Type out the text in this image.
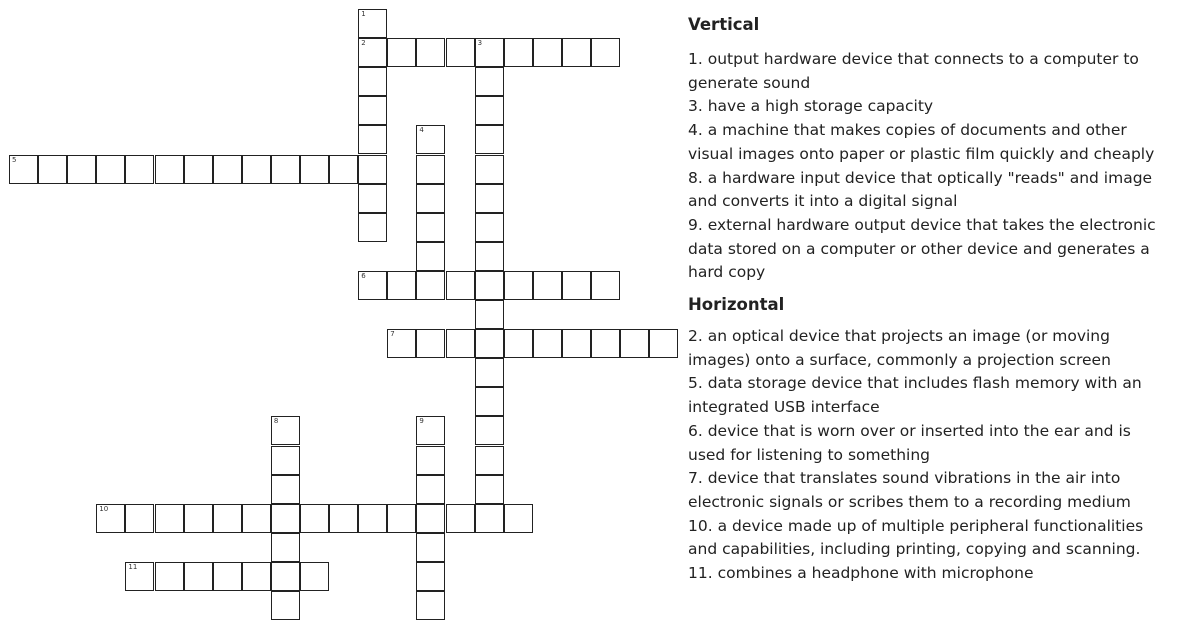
1
2	3
4
5
6
7
8	9
10
11

Vertical

1. output hardware device that connects to a computer to generate sound

3. have a high storage capacity

4. a machine that makes copies of documents and other visual images onto paper or plastic film quickly and cheaply

8. a hardware input device that optically "reads" and image and converts it into a digital signal

9. external hardware output device that takes the electronic data stored on a computer or other device and generates a hard copy

Horizontal

2. an optical device that projects an image (or moving images) onto a surface, commonly a projection screen

5. data storage device that includes flash memory with an integrated USB interface

6. device that is worn over or inserted into the ear and is used for listening to something

7. device that translates sound vibrations in the air into electronic signals or scribes them to a recording medium

10. a device made up of multiple peripheral functionalities and capabilities, including printing, copying and scanning.

11. combines a headphone with microphone
